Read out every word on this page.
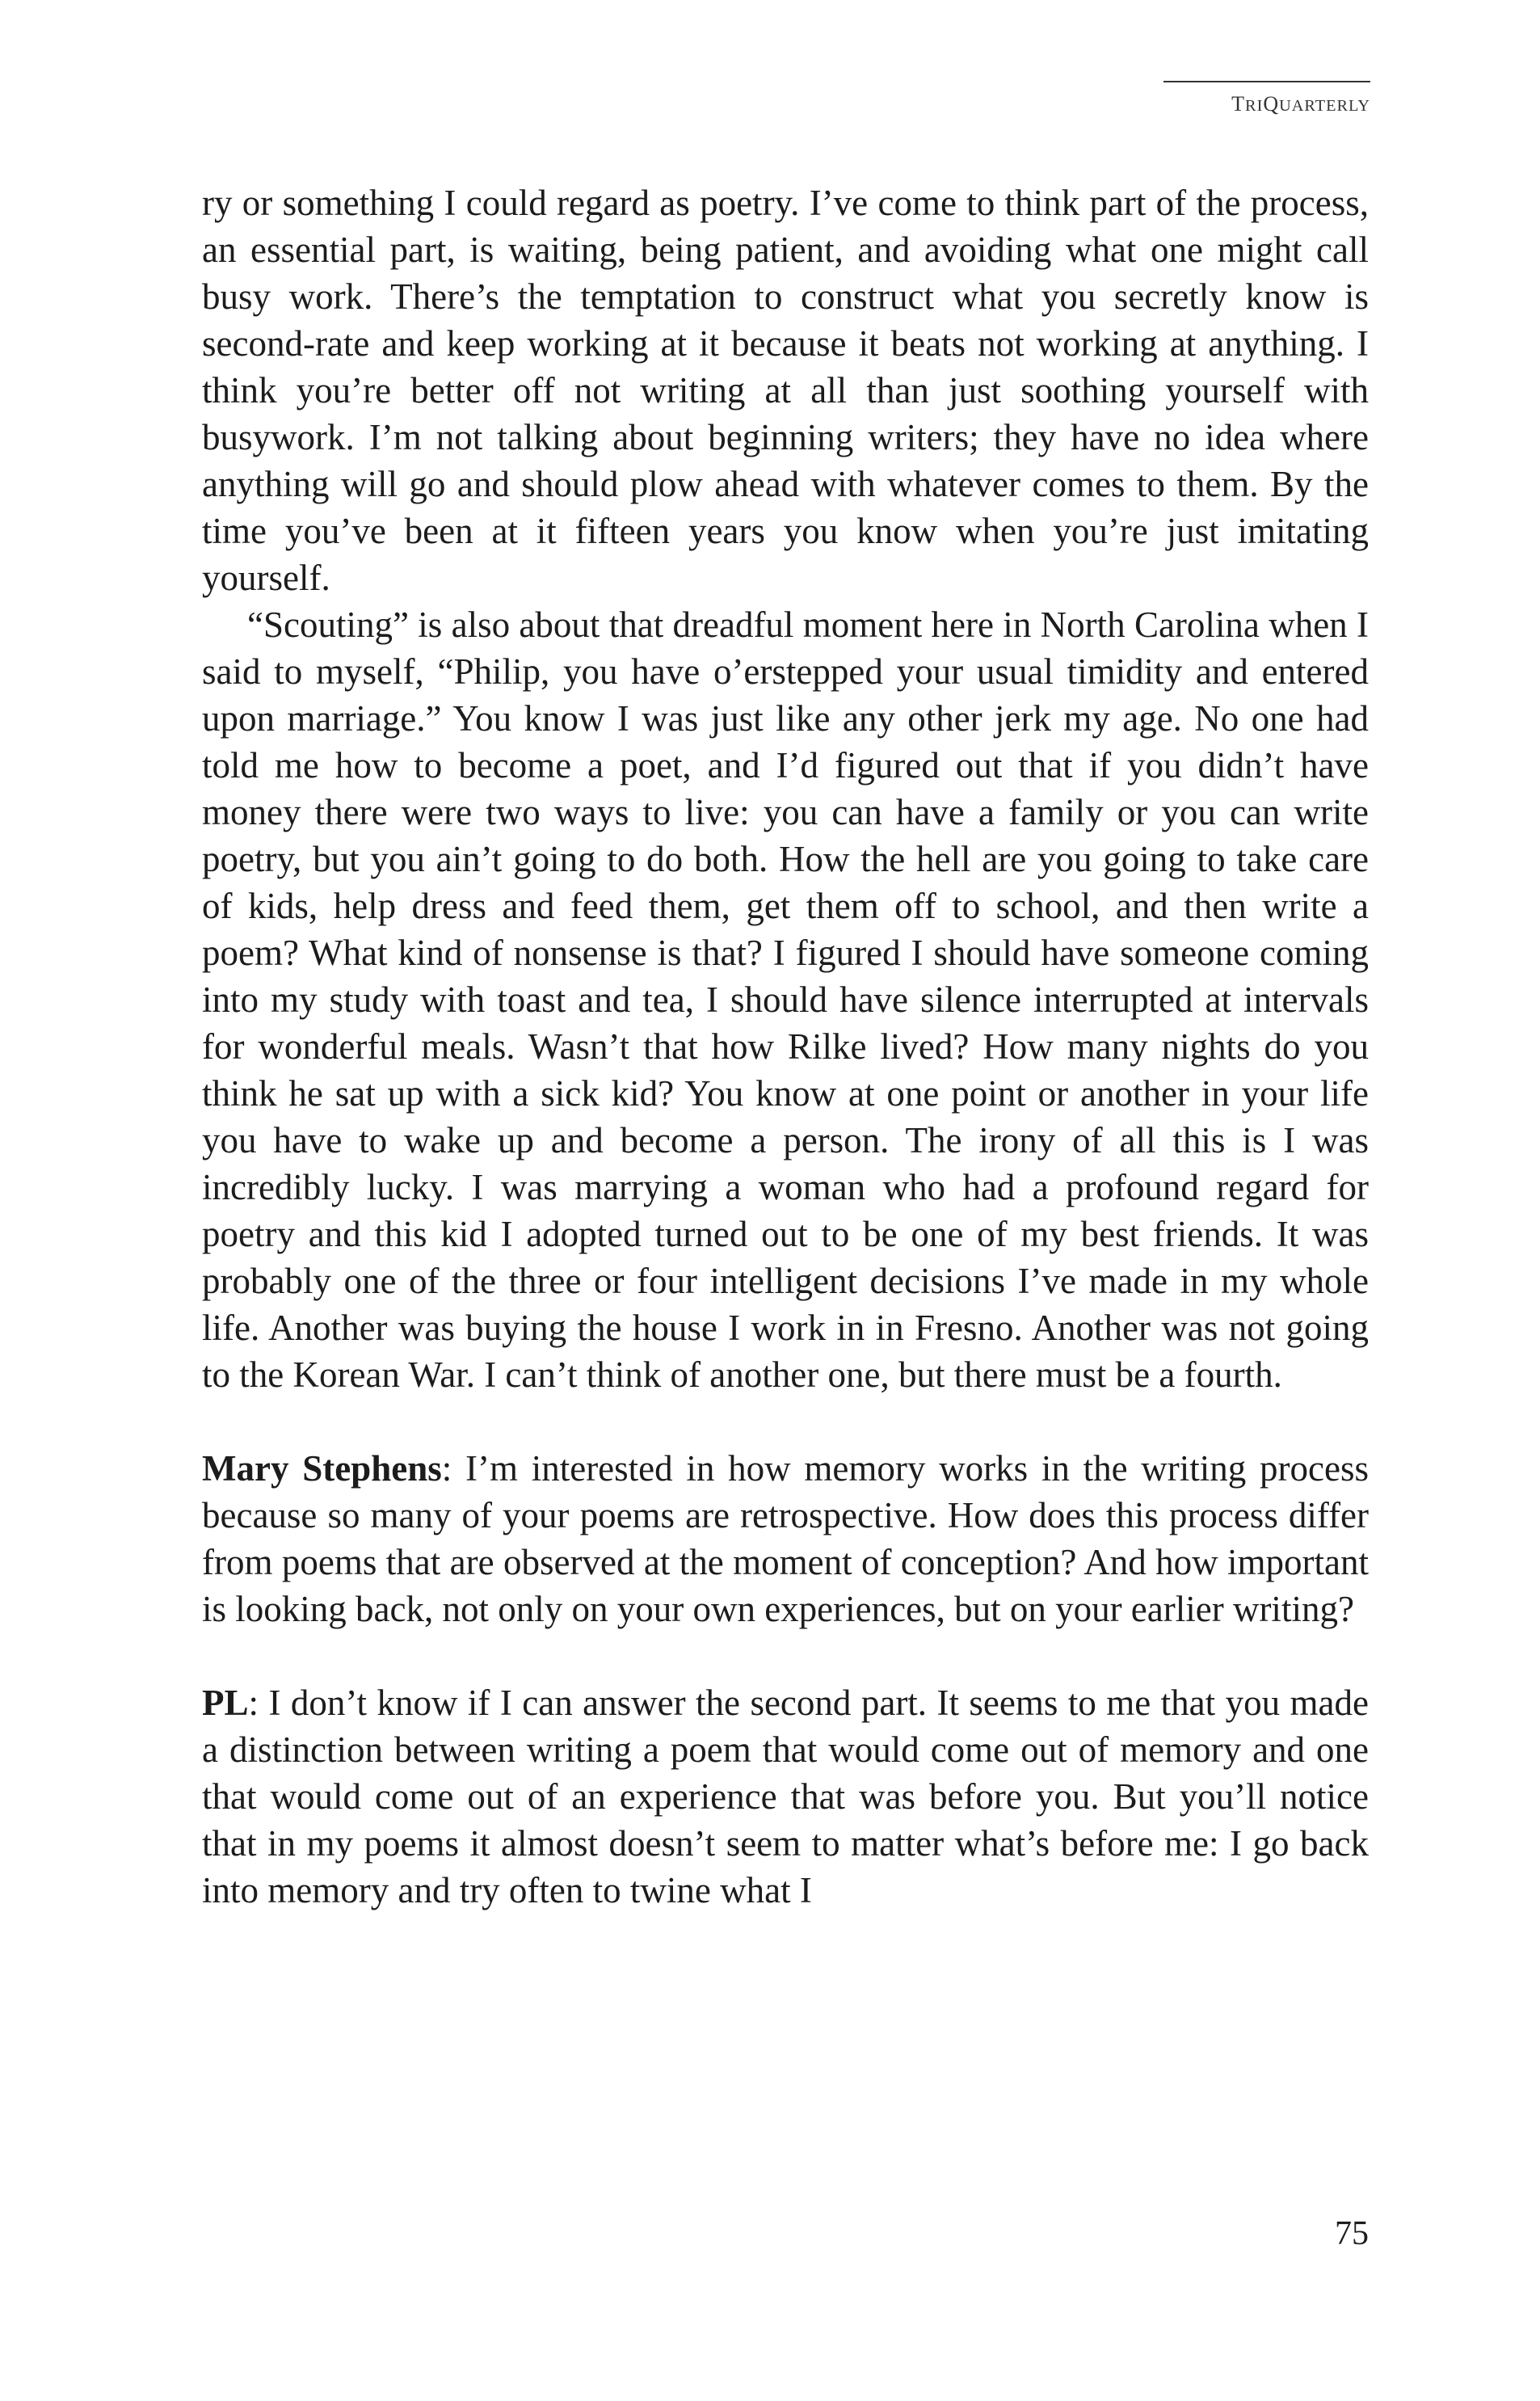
TRIQUARTERLY

ry or something I could regard as poetry. I’ve come to think part of the process, an essential part, is waiting, being patient, and avoiding what one might call busy work. There’s the temptation to construct what you secretly know is second-rate and keep working at it because it beats not working at anything. I think you’re better off not writing at all than just soothing yourself with busywork. I’m not talking about beginning writers; they have no idea where anything will go and should plow ahead with whatever comes to them. By the time you’ve been at it fifteen years you know when you’re just imitating yourself.

“Scouting” is also about that dreadful moment here in North Carolina when I said to myself, “Philip, you have o’erstepped your usual timidity and entered upon marriage.” You know I was just like any other jerk my age. No one had told me how to become a poet, and I’d figured out that if you didn’t have money there were two ways to live: you can have a family or you can write poetry, but you ain’t going to do both. How the hell are you going to take care of kids, help dress and feed them, get them off to school, and then write a poem? What kind of nonsense is that? I figured I should have someone coming into my study with toast and tea, I should have silence interrupted at intervals for wonderful meals. Wasn’t that how Rilke lived? How many nights do you think he sat up with a sick kid? You know at one point or another in your life you have to wake up and become a person. The irony of all this is I was incredibly lucky. I was marrying a woman who had a profound regard for poetry and this kid I adopted turned out to be one of my best friends. It was probably one of the three or four intelligent decisions I’ve made in my whole life. Another was buying the house I work in in Fresno. Another was not going to the Korean War. I can’t think of another one, but there must be a fourth.

Mary Stephens: I’m interested in how memory works in the writing process because so many of your poems are retrospective. How does this process differ from poems that are observed at the moment of conception? And how important is looking back, not only on your own experiences, but on your earlier writing?

PL: I don’t know if I can answer the second part. It seems to me that you made a distinction between writing a poem that would come out of memory and one that would come out of an experience that was before you. But you’ll notice that in my poems it almost doesn’t seem to matter what’s before me: I go back into memory and try often to twine what I

75
